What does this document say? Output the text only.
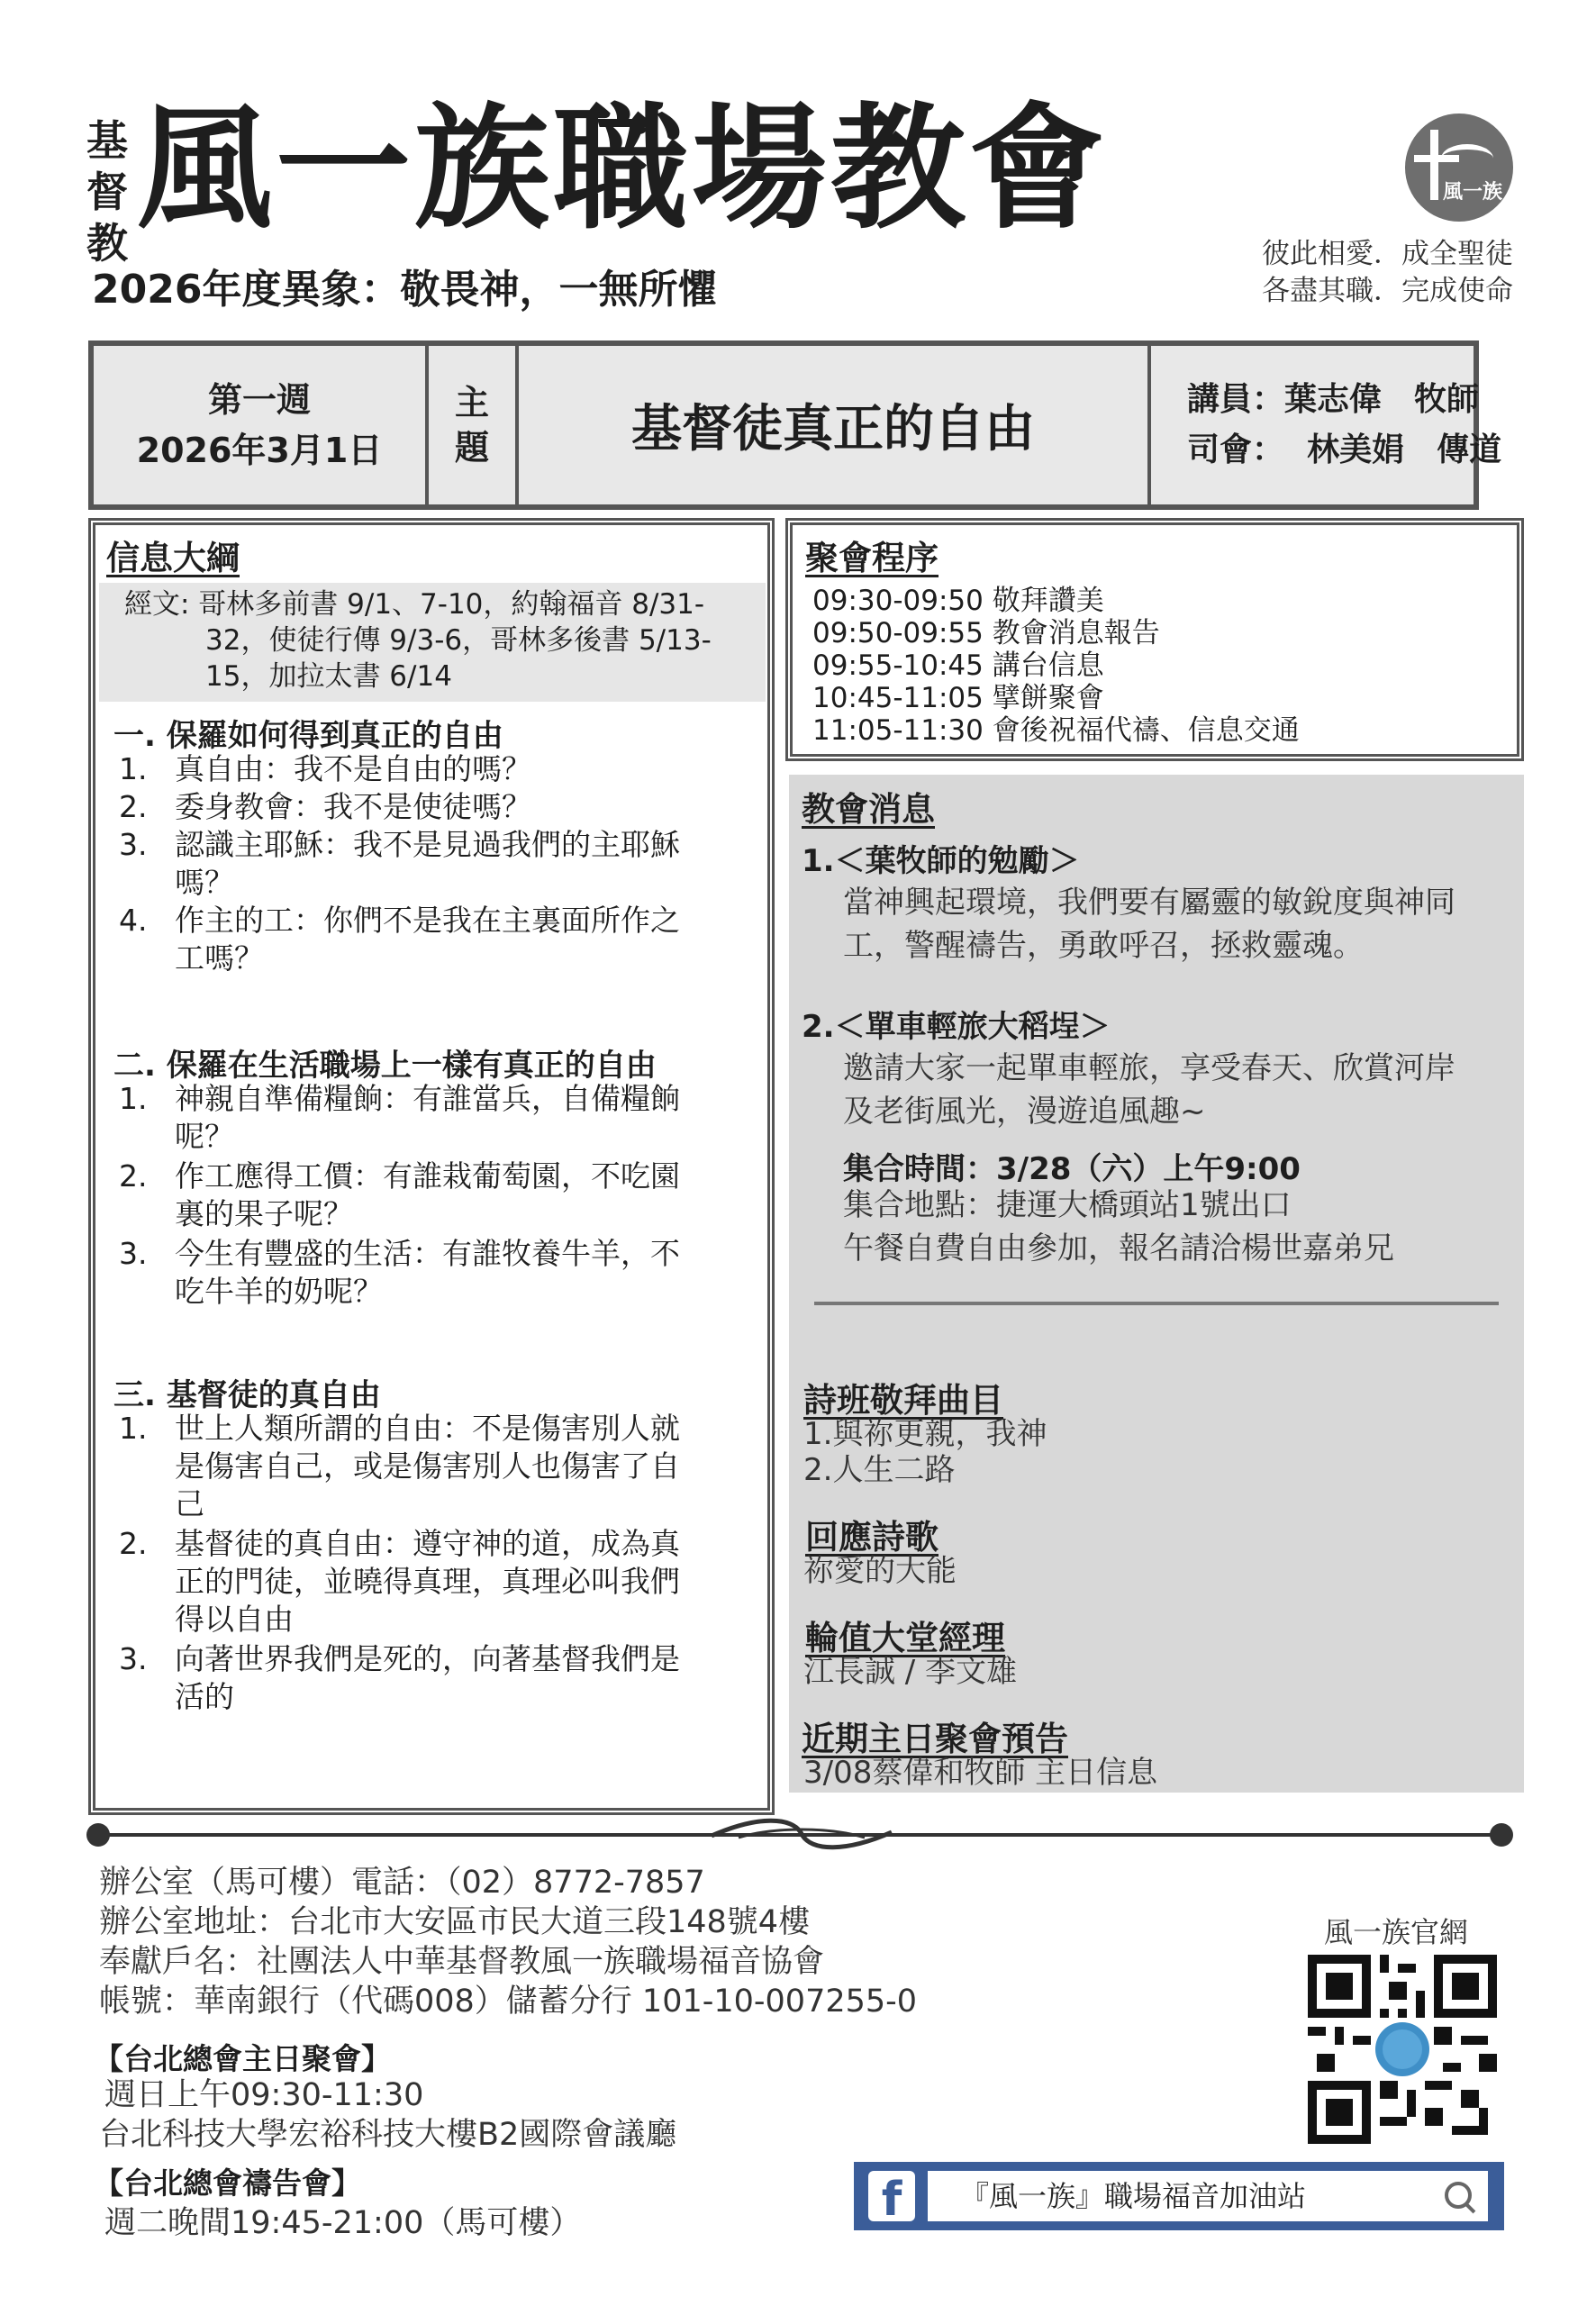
基
督
教 風一族職場教會
2026年度異象：敬畏神，一無所懼
風一族
彼此相愛．成全聖徒
各盡其職．完成使命
第一週
2026年3月1日
主
題	基督徒真正的自由
講員：葉志偉　牧師
司會：  林美娟　傳道
信息大綱
經文: 哥林多前書 9/1、7-10，約翰福音 8/31-
32，使徒行傳 9/3-6，哥林多後書 5/13-
15，加拉太書 6/14
一. 保羅如何得到真正的自由
1. 真自由：我不是自由的嗎？
2. 委身教會：我不是使徒嗎？
3. 認識主耶穌：我不是見過我們的主耶穌
嗎？
4. 作主的工：你們不是我在主裏面所作之
工嗎？
二. 保羅在生活職場上一樣有真正的自由
1. 神親自準備糧餉：有誰當兵，自備糧餉
呢？
2. 作工應得工價：有誰栽葡萄園，不吃園
裏的果子呢？
3. 今生有豐盛的生活：有誰牧養牛羊，不
吃牛羊的奶呢？
三. 基督徒的真自由
1. 世上人類所謂的自由：不是傷害別人就
是傷害自己，或是傷害別人也傷害了自
己
2. 基督徒的真自由：遵守神的道，成為真
正的門徒，並曉得真理，真理必叫我們
得以自由
3. 向著世界我們是死的，向著基督我們是
活的
聚會程序
09:30-09:50 敬拜讚美
09:50-09:55 教會消息報告
09:55-10:45 講台信息
10:45-11:05 擘餅聚會
11:05-11:30 會後祝福代禱、信息交通
教會消息
1.＜葉牧師的勉勵＞
當神興起環境，我們要有屬靈的敏銳度與神同
工，警醒禱告，勇敢呼召，拯救靈魂。
2.＜單車輕旅大稻埕＞
邀請大家一起單車輕旅，享受春天、欣賞河岸
及老街風光，漫遊追風趣~
集合時間：3/28（六）上午9:00
集合地點：捷運大橋頭站1號出口
午餐自費自由參加，報名請洽楊世嘉弟兄
詩班敬拜曲目
1.與祢更親，我神
2.人生二路
回應詩歌
祢愛的大能
輪值大堂經理
江長誠 / 李文雄
近期主日聚會預告
3/08蔡偉和牧師 主日信息
辦公室（馬可樓）電話：（02）8772-7857
辦公室地址：台北市大安區市民大道三段148號4樓
奉獻戶名：社團法人中華基督教風一族職場福音協會
帳號：華南銀行（代碼008）儲蓄分行 101-10-007255-0
【台北總會主日聚會】
週日上午09:30-11:30
台北科技大學宏裕科技大樓B2國際會議廳
【台北總會禱告會】
週二晚間19:45-21:00（馬可樓）
風一族官網
f	『風一族』職場福音加油站
